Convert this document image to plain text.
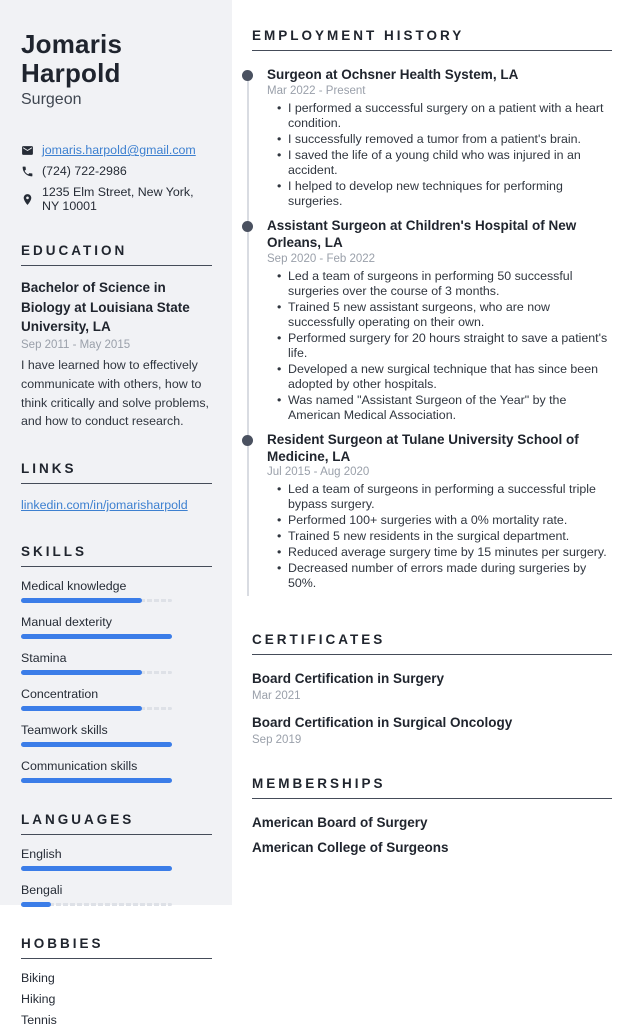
Jomaris Harpold
Surgeon
jomaris.harpold@gmail.com
(724) 722-2986
1235 Elm Street, New York, NY 10001
EDUCATION
Bachelor of Science in Biology at Louisiana State University, LA
Sep 2011 - May 2015

I have learned how to effectively communicate with others, how to think critically and solve problems, and how to conduct research.

LINKS
linkedin.com/in/jomarisharpold
SKILLS
Medical knowledge
Manual dexterity
Stamina
Concentration
Teamwork skills
Communication skills
LANGUAGES
English
Bengali
HOBBIES
Biking
Hiking
Tennis
EMPLOYMENT HISTORY
Surgeon at Ochsner Health System, LA
Mar 2022 - Present
• I performed a successful surgery on a patient with a heart condition.
• I successfully removed a tumor from a patient's brain.
• I saved the life of a young child who was injured in an accident.
• I helped to develop new techniques for performing surgeries.
Assistant Surgeon at Children's Hospital of New Orleans, LA
Sep 2020 - Feb 2022
• Led a team of surgeons in performing 50 successful surgeries over the course of 3 months.
• Trained 5 new assistant surgeons, who are now successfully operating on their own.
• Performed surgery for 20 hours straight to save a patient's life.
• Developed a new surgical technique that has since been adopted by other hospitals.
• Was named "Assistant Surgeon of the Year" by the American Medical Association.
Resident Surgeon at Tulane University School of Medicine, LA
Jul 2015 - Aug 2020
• Led a team of surgeons in performing a successful triple bypass surgery.
• Performed 100+ surgeries with a 0% mortality rate.
• Trained 5 new residents in the surgical department.
• Reduced average surgery time by 15 minutes per surgery.
• Decreased number of errors made during surgeries by 50%.
CERTIFICATES
Board Certification in Surgery
Mar 2021
Board Certification in Surgical Oncology
Sep 2019
MEMBERSHIPS
American Board of Surgery
American College of Surgeons
